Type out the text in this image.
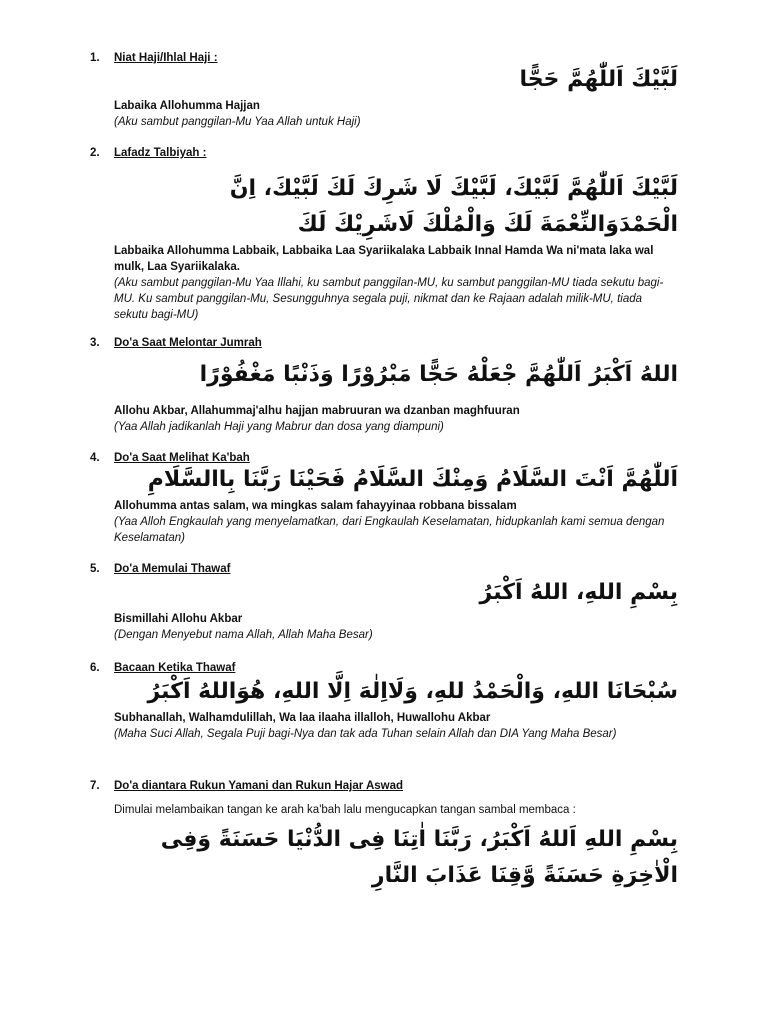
1. Niat Haji/Ihlal Haji :
لَبَّيْكَ اَللّٰهُمَّ حَجًّا
Labaika Allohumma Hajjan
(Aku sambut panggilan-Mu Yaa Allah untuk Haji)
2. Lafadz Talbiyah :
لَبَّيْكَ اَللّٰهُمَّ لَبَّيْكَ، لَبَّيْكَ لَا شَرِكَ لَكَ لَبَّيْكَ، اِنَّ الْحَمْدَوَالنِّعْمَةَ لَكَ وَالْمُلْكَ لَاشَرِيْكَ لَكَ
Labbaika Allohumma Labbaik, Labbaika Laa Syariikalaka Labbaik Innal Hamda Wa ni'mata laka wal mulk, Laa Syariikalaka.
(Aku sambut panggilan-Mu Yaa Illahi, ku sambut panggilan-MU, ku sambut panggilan-MU tiada sekutu bagi-MU. Ku sambut panggilan-Mu, Sesungguhnya segala puji, nikmat dan ke Rajaan adalah milik-MU, tiada sekutu bagi-MU)
3. Do'a Saat Melontar Jumrah
اللهُ اَكْبَرُ اَللّٰهُمَّ جْعَلْهُ حَجًّا مَبْرُوْرًا وَذَنْبًا مَغْفُوْرًا
Allohu Akbar, Allahummaj'alhu hajjan mabruuran wa dzanban maghfuuran
(Yaa Allah jadikanlah Haji yang Mabrur dan dosa yang diampuni)
4. Do'a Saat Melihat Ka'bah
اَللّٰهُمَّ اَنْتَ السَّلَامُ وَمِنْكَ السَّلَامُ فَحَيْنَا رَبَّنَا بِاالسَّلَامِ
Allohumma antas salam, wa mingkas salam fahayyinaa robbana bissalam
(Yaa Alloh Engkaulah yang menyelamatkan, dari Engkaulah Keselamatan, hidupkanlah kami semua dengan Keselamatan)
5. Do'a Memulai Thawaf
بِسْمِ اللهِ، اللهُ اَكْبَرُ
Bismillahi Allohu Akbar
(Dengan Menyebut nama Allah, Allah Maha Besar)
6. Bacaan Ketika Thawaf
سُبْحَانَا اللهِ، وَالْحَمْدُ للهِ، وَلَااِلٰهَ اِلَّا اللهِ، هُوَاللهُ اَكْبَرُ
Subhanallah, Walhamdulillah, Wa laa ilaaha illalloh, Huwallohu Akbar
(Maha Suci Allah, Segala Puji bagi-Nya dan tak ada Tuhan selain Allah dan DIA Yang Maha Besar)
7. Do'a diantara Rukun Yamani dan Rukun Hajar Aswad
Dimulai melambaikan tangan ke arah ka'bah lalu mengucapkan tangan sambal membaca :
بِسْمِ اللهِ اَللهُ اَكْبَرُ، رَبَّنَا اٰتِنَا فِى الدُّنْيَا حَسَنَةً وَفِى الْاٰخِرَةِ حَسَنَةً وَّقِنَا عَذَابَ النَّارِ
